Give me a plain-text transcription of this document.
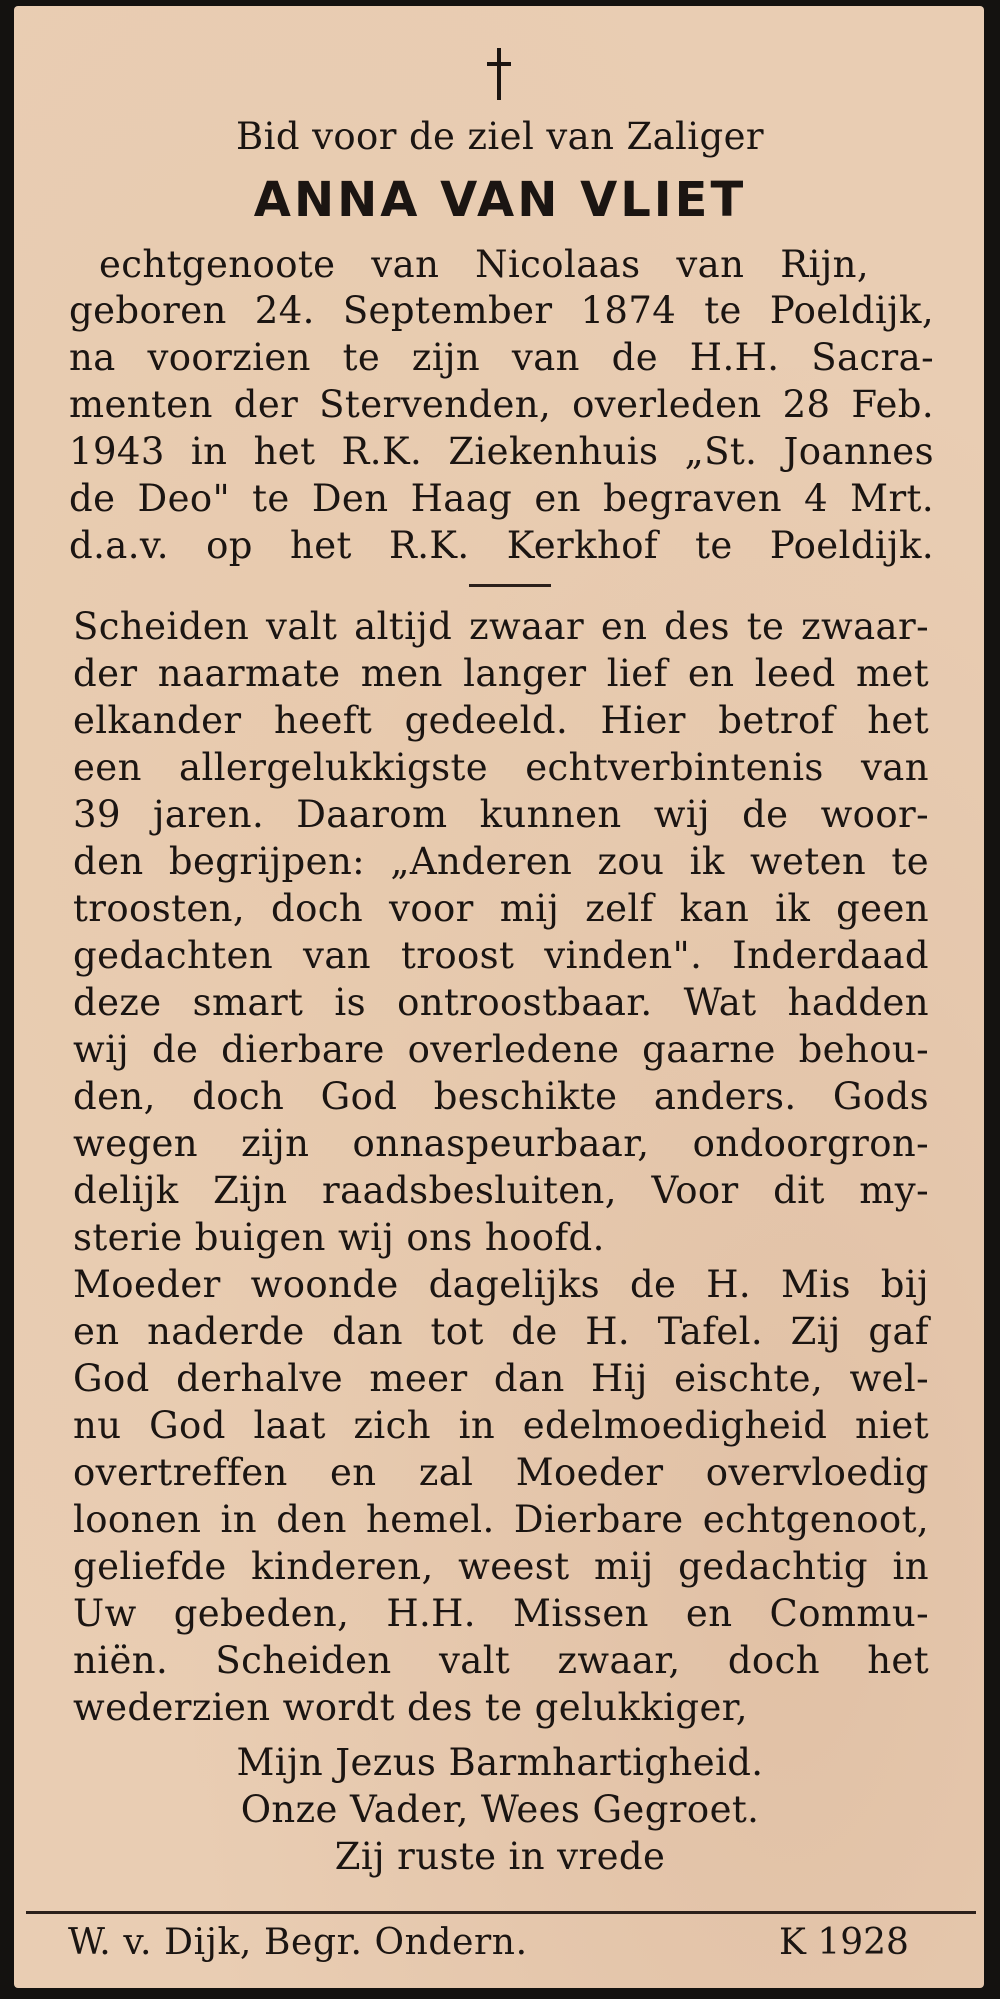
Bid voor de ziel van Zaliger

ANNA VAN VLIET

echtgenoote van Nicolaas van Rijn,

geboren 24. September 1874 te Poeldijk,

na voorzien te zijn van de H.H. Sacra-

menten der Stervenden, overleden 28 Feb.

1943 in het R.K. Ziekenhuis „St. Joannes

de Deo" te Den Haag en begraven 4 Mrt.

d.a.v. op het R.K. Kerkhof te Poeldijk.

Scheiden valt altijd zwaar en des te zwaar-

der naarmate men langer lief en leed met

elkander heeft gedeeld. Hier betrof het

een allergelukkigste echtverbintenis van

39 jaren. Daarom kunnen wij de woor-

den begrijpen: „Anderen zou ik weten te

troosten, doch voor mij zelf kan ik geen

gedachten van troost vinden". Inderdaad

deze smart is ontroostbaar. Wat hadden

wij de dierbare overledene gaarne behou-

den, doch God beschikte anders. Gods

wegen zijn onnaspeurbaar, ondoorgron-

delijk Zijn raadsbesluiten, Voor dit my-

sterie buigen wij ons hoofd.

Moeder woonde dagelijks de H. Mis bij

en naderde dan tot de H. Tafel. Zij gaf

God derhalve meer dan Hij eischte, wel-

nu God laat zich in edelmoedigheid niet

overtreffen en zal Moeder overvloedig

loonen in den hemel. Dierbare echtgenoot,

geliefde kinderen, weest mij gedachtig in

Uw gebeden, H.H. Missen en Commu-

niën. Scheiden valt zwaar, doch het

wederzien wordt des te gelukkiger,

Mijn Jezus Barmhartigheid.

Onze Vader, Wees Gegroet.

Zij ruste in vrede

W. v. Dijk, Begr. Ondern.	K 1928
